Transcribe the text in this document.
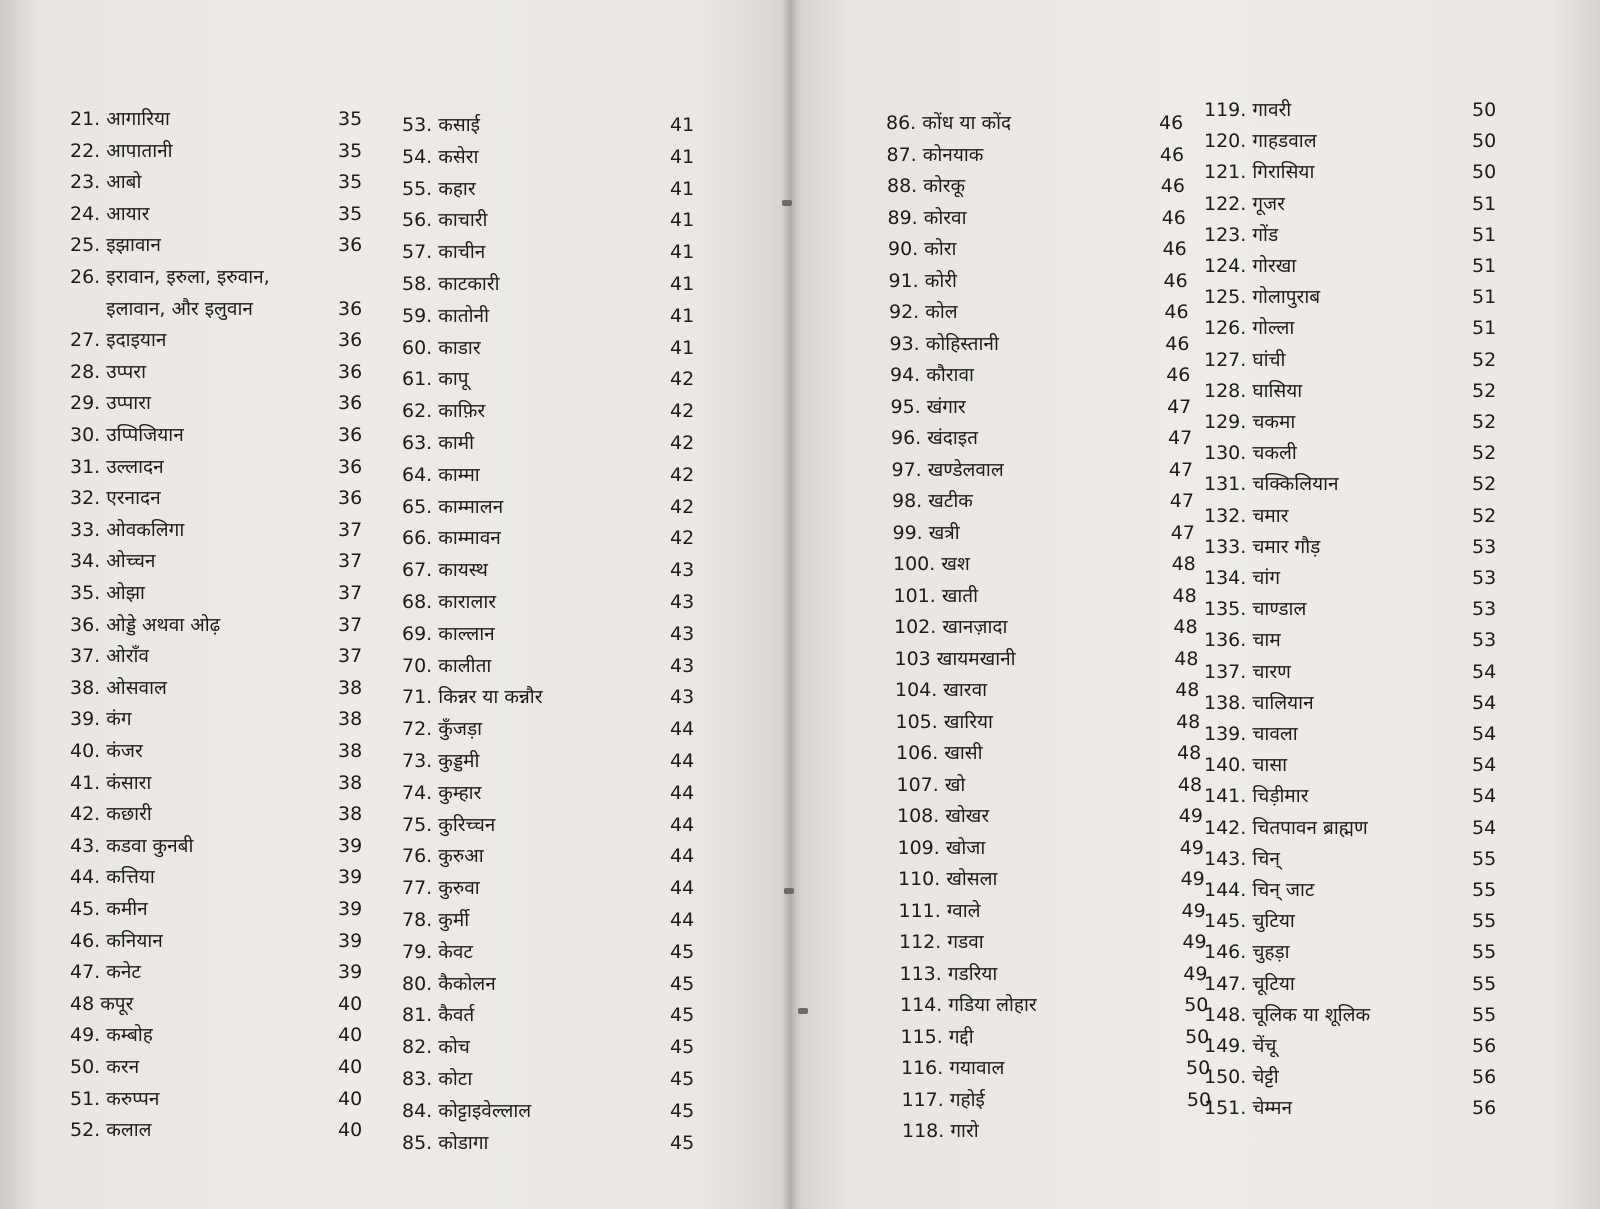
21. आगारिया	35
22. आपातानी	35
23. आबो	35
24. आयार	35
25. इझावान	36
26. इरावान, इरुला, इरुवान,
इलावान, और इलुवान	36
27. इदाइयान	36
28. उप्परा	36
29. उप्पारा	36
30. उप्पिजियान	36
31. उल्लादन	36
32. एरनादन	36
33. ओवकलिगा	37
34. ओच्चन	37
35. ओझा	37
36. ओड्डे अथवा ओढ़	37
37. ओराँव	37
38. ओसवाल	38
39. कंग	38
40. कंजर	38
41. कंसारा	38
42. कछारी	38
43. कडवा कुनबी	39
44. कत्तिया	39
45. कमीन	39
46. कनियान	39
47. कनेट	39
48 कपूर	40
49. कम्बोह	40
50. करन	40
51. करुप्पन	40
52. कलाल	40
53. कसाई	41
54. कसेरा	41
55. कहार	41
56. काचारी	41
57. काचीन	41
58. काटकारी	41
59. कातोनी	41
60. काडार	41
61. कापू	42
62. काफ़िर	42
63. कामी	42
64. काम्मा	42
65. काम्मालन	42
66. काम्मावन	42
67. कायस्थ	43
68. कारालार	43
69. काल्लान	43
70. कालीता	43
71. किन्नर या कन्नौर	43
72. कुँजड़ा	44
73. कुड्डमी	44
74. कुम्हार	44
75. कुरिच्चन	44
76. कुरुआ	44
77. कुरुवा	44
78. कुर्मी	44
79. केवट	45
80. कैकोलन	45
81. कैवर्त	45
82. कोच	45
83. कोटा	45
84. कोट्टाइवेल्लाल	45
85. कोडागा	45
86. कोंध या कोंद	46
87. कोनयाक	46
88. कोरकू	46
89. कोरवा	46
90. कोरा	46
91. कोरी	46
92. कोल	46
93. कोहिस्तानी	46
94. कौरावा	46
95. खंगार	47
96. खंदाइत	47
97. खण्डेलवाल	47
98. खटीक	47
99. खत्री	47
100. खश	48
101. खाती	48
102. खानज़ादा	48
103 खायमखानी	48
104. खारवा	48
105. खारिया	48
106. खासी	48
107. खो	48
108. खोखर	49
109. खोजा	49
110. खोसला	49
111. ग्वाले	49
112. गडवा	49
113. गडरिया	49
114. गडिया लोहार	50
115. गद्दी	50
116. गयावाल	50
117. गहोई	50
118. गारो
119. गावरी	50
120. गाहडवाल	50
121. गिरासिया	50
122. गूजर	51
123. गोंड	51
124. गोरखा	51
125. गोलापुराब	51
126. गोल्ला	51
127. घांची	52
128. घासिया	52
129. चकमा	52
130. चकली	52
131. चक्किलियान	52
132. चमार	52
133. चमार गौड़	53
134. चांग	53
135. चाण्डाल	53
136. चाम	53
137. चारण	54
138. चालियान	54
139. चावला	54
140. चासा	54
141. चिड़ीमार	54
142. चितपावन ब्राह्मण	54
143. चिन्	55
144. चिन् जाट	55
145. चुटिया	55
146. चुहड़ा	55
147. चूटिया	55
148. चूलिक या शूलिक	55
149. चेंचू	56
150. चेट्टी	56
151. चेम्मन	56
